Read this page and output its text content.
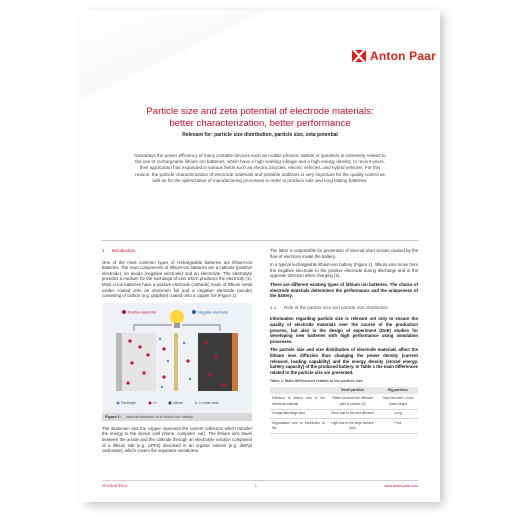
Anton Paar
Particle size and zeta potential of electrode materials:
better characterization, better performance
Relevant for: particle size distribution, particle size, zeta potential
Nowadays the power efficiency of many portable devices such as mobile phones, tablets or speakers is extremely related to the use of rechargeable lithium-ion batteries, which have a high working voltage and a high energy density. In recent years, their application has expanded in various fields such as electric bicycles, electric vehicles, and hybrid vehicles. For this reason, the particle characterization of electrode materials and possible additives is very important for the quality control as well as for the optimization of manufacturing processes in order to produce safe and long lasting batteries.
1 Introduction

One of the most common types of rechargeable batteries are lithium-ion batteries. The main components of lithium-ion batteries are a cathode (positive electrode), an anode (negative electrode) and an electrolyte. The electrolyte provides a medium for the exchange of ions which produces the electricity (1). Most Li-ion batteries have a positive electrode (cathode) made of lithium metal oxides coated onto an aluminum foil and a negative electrode (anode) consisting of carbon (e.g. graphite) coated onto a copper foil (Figure 1).

Positive electrode	Negative electrode
Electrolyte	Li+	Lithium	Li metal oxide
Figure 1: Internal structure of a lithium-ion battery

The aluminum and the copper represent the current collectors which transfer the energy to the device (cell phone, computer, car). The lithium ions travel between the anode and the cathode through an electrolyte solution composed of a lithium salt (e.g. LiPF6) dissolved in an organic solvent (e.g. diethyl carbonate), which covers the separator membrane.

The latter is responsible for prevention of internal short circuits caused by the flow of electrons inside the battery.

In a typical rechargeable lithium-ion battery (Figure 1), lithium ions move from the negative electrode to the positive electrode during discharge and in the opposite direction when charging (2).

There are different existing types of lithium ion batteries. The choice of electrode materials determines the performance and the uniqueness of the battery.

1.1 Role of the particle size and particle size distribution

Information regarding particle size is relevant not only to ensure the quality of electrode materials over the course of the production process, but also in the design of experiment (DoE) studies for developing new batteries with high performance using simulation processes.

The particle size and size distribution of electrode materials affect the lithium ions diffusion thus changing the power density (current released, loading capability) and the energy density (stored energy, battery capacity) of the produced battery. In Table 1 the main differences related to the particle size are presented.

Table 1: Main differences related to the particle size
	Small particles	Big particles
Diffusion of lithium ions in the electrode material	Faster because the diffusion path is shorter (3)	Slow because Li ions travel longer
Charge/discharge time	Short due to the fast diffusion	Long
Degradation due to interaction of the	High due to the large surface area	Poor
XPCIA007EN-A	1	www.anton-paar.com
